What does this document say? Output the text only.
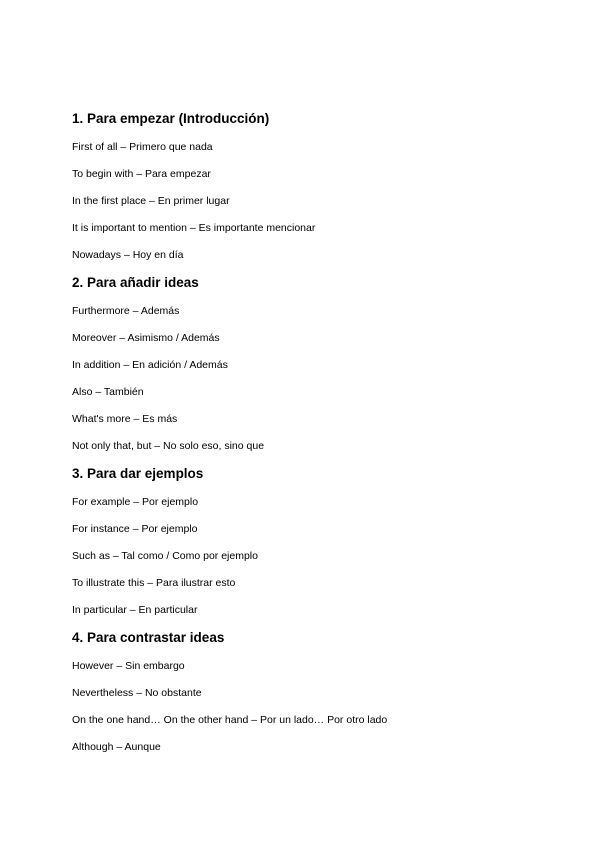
1. Para empezar (Introducción)
First of all – Primero que nada
To begin with – Para empezar
In the first place – En primer lugar
It is important to mention – Es importante mencionar
Nowadays – Hoy en día
2. Para añadir ideas
Furthermore – Además
Moreover – Asimismo / Además
In addition – En adición / Además
Also – También
What's more – Es más
Not only that, but – No solo eso, sino que
3. Para dar ejemplos
For example – Por ejemplo
For instance – Por ejemplo
Such as – Tal como / Como por ejemplo
To illustrate this – Para ilustrar esto
In particular – En particular
4. Para contrastar ideas
However – Sin embargo
Nevertheless – No obstante
On the one hand… On the other hand – Por un lado… Por otro lado
Although – Aunque
